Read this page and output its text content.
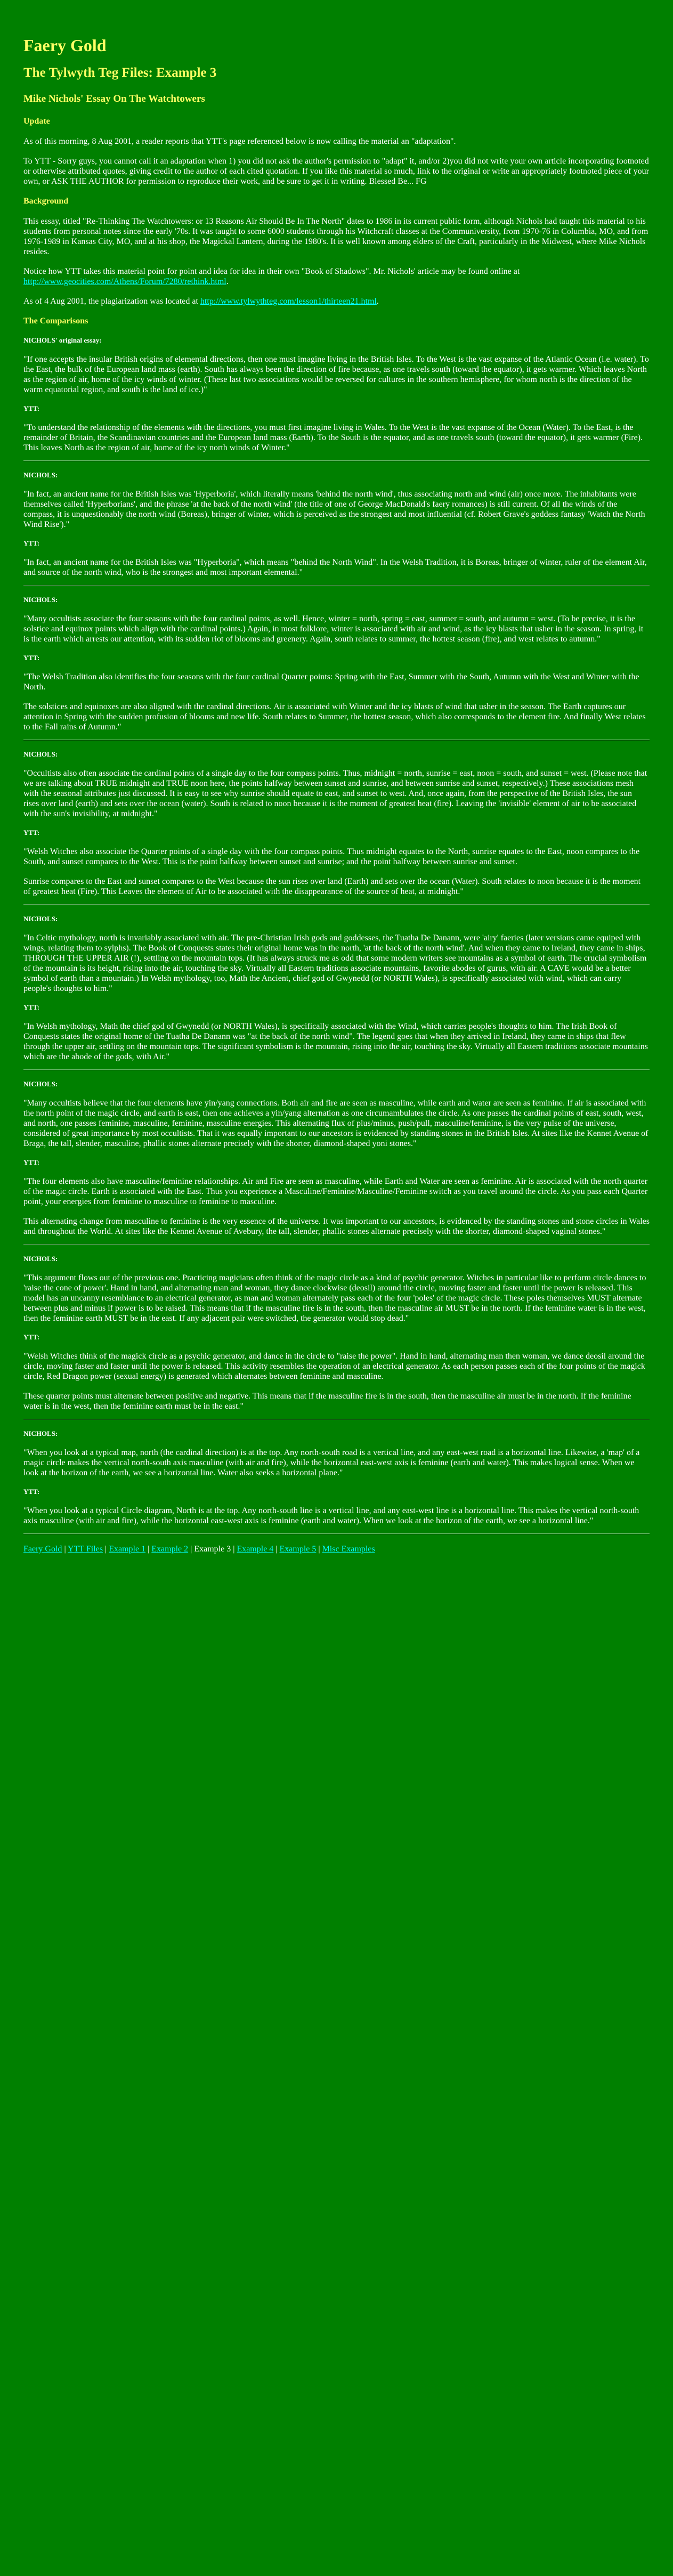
Faery Gold
The Tylwyth Teg Files: Example 3
Mike Nichols' Essay On The Watchtowers
Update

As of this morning, 8 Aug 2001, a reader reports that YTT's page referenced below is now calling the material an "adaptation".

To YTT - Sorry guys, you cannot call it an adaptation when 1) you did not ask the author's permission to "adapt" it, and/or 2)you did not write your own article incorporating footnoted or otherwise attributed quotes, giving credit to the author of each cited quotation. If you like this material so much, link to the original or write an appropriately footnoted piece of your own, or ASK THE AUTHOR for permission to reproduce their work, and be sure to get it in writing. Blessed Be... FG

Background

This essay, titled "Re-Thinking The Watchtowers: or 13 Reasons Air Should Be In The North" dates to 1986 in its current public form, although Nichols had taught this material to his students from personal notes since the early '70s. It was taught to some 6000 students through his Witchcraft classes at the Communiversity, from 1970-76 in Columbia, MO, and from 1976-1989 in Kansas City, MO, and at his shop, the Magickal Lantern, during the 1980's. It is well known among elders of the Craft, particularly in the Midwest, where Mike Nichols resides.

Notice how YTT takes this material point for point and idea for idea in their own "Book of Shadows". Mr. Nichols' article may be found online at http://www.geocities.com/Athens/Forum/7280/rethink.html.

As of 4 Aug 2001, the plagiarization was located at http://www.tylwythteg.com/lesson1/thirteen21.html.

The Comparisons
NICHOLS' original essay:

"If one accepts the insular British origins of elemental directions, then one must imagine living in the British Isles. To the West is the vast expanse of the Atlantic Ocean (i.e. water). To the East, the bulk of the European land mass (earth). South has always been the direction of fire because, as one travels south (toward the equator), it gets warmer. Which leaves North as the region of air, home of the icy winds of winter. (These last two associations would be reversed for cultures in the southern hemisphere, for whom north is the direction of the warm equatorial region, and south is the land of ice.)"

YTT:

"To understand the relationship of the elements with the directions, you must first imagine living in Wales. To the West is the vast expanse of the Ocean (Water). To the East, is the remainder of Britain, the Scandinavian countries and the European land mass (Earth). To the South is the equator, and as one travels south (toward the equator), it gets warmer (Fire). This leaves North as the region of air, home of the icy north winds of Winter."

NICHOLS:

"In fact, an ancient name for the British Isles was 'Hyperboria', which literally means 'behind the north wind', thus associating north and wind (air) once more. The inhabitants were themselves called 'Hyperborians', and the phrase 'at the back of the north wind' (the title of one of George MacDonald's faery romances) is still current. Of all the winds of the compass, it is unquestionably the north wind (Boreas), bringer of winter, which is perceived as the strongest and most influential (cf. Robert Grave's goddess fantasy 'Watch the North Wind Rise')."

YTT:

"In fact, an ancient name for the British Isles was "Hyperboria", which means "behind the North Wind". In the Welsh Tradition, it is Boreas, bringer of winter, ruler of the element Air, and source of the north wind, who is the strongest and most important elemental."

NICHOLS:

"Many occultists associate the four seasons with the four cardinal points, as well. Hence, winter = north, spring = east, summer = south, and autumn = west. (To be precise, it is the solstice and equinox points which align with the cardinal points.) Again, in most folklore, winter is associated with air and wind, as the icy blasts that usher in the season. In spring, it is the earth which arrests our attention, with its sudden riot of blooms and greenery. Again, south relates to summer, the hottest season (fire), and west relates to autumn."

YTT:

"The Welsh Tradition also identifies the four seasons with the four cardinal Quarter points: Spring with the East, Summer with the South, Autumn with the West and Winter with the North.

The solstices and equinoxes are also aligned with the cardinal directions. Air is associated with Winter and the icy blasts of wind that usher in the season. The Earth captures our attention in Spring with the sudden profusion of blooms and new life. South relates to Summer, the hottest season, which also corresponds to the element fire. And finally West relates to the Fall rains of Autumn."

NICHOLS:

"Occultists also often associate the cardinal points of a single day to the four compass points. Thus, midnight = north, sunrise = east, noon = south, and sunset = west. (Please note that we are talking about TRUE midnight and TRUE noon here, the points halfway between sunset and sunrise, and between sunrise and sunset, respectively.) These associations mesh with the seasonal attributes just discussed. It is easy to see why sunrise should equate to east, and sunset to west. And, once again, from the perspective of the British Isles, the sun rises over land (earth) and sets over the ocean (water). South is related to noon because it is the moment of greatest heat (fire). Leaving the 'invisible' element of air to be associated with the sun's invisibility, at midnight."

YTT:

"Welsh Witches also associate the Quarter points of a single day with the four compass points. Thus midnight equates to the North, sunrise equates to the East, noon compares to the South, and sunset compares to the West. This is the point halfway between sunset and sunrise; and the point halfway between sunrise and sunset.

Sunrise compares to the East and sunset compares to the West because the sun rises over land (Earth) and sets over the ocean (Water). South relates to noon because it is the moment of greatest heat (Fire). This Leaves the element of Air to be associated with the disappearance of the source of heat, at midnight."

NICHOLS:

"In Celtic mythology, north is invariably associated with air. The pre-Christian Irish gods and goddesses, the Tuatha De Danann, were 'airy' faeries (later versions came equiped with wings, relating them to sylphs). The Book of Conquests states their original home was in the north, 'at the back of the north wind'. And when they came to Ireland, they came in ships, THROUGH THE UPPER AIR (!), settling on the mountain tops. (It has always struck me as odd that some modern writers see mountains as a symbol of earth. The crucial symbolism of the mountain is its height, rising into the air, touching the sky. Virtually all Eastern traditions associate mountains, favorite abodes of gurus, with air. A CAVE would be a better symbol of earth than a mountain.) In Welsh mythology, too, Math the Ancient, chief god of Gwynedd (or NORTH Wales), is specifically associated with wind, which can carry people's thoughts to him."

YTT:

"In Welsh mythology, Math the chief god of Gwynedd (or NORTH Wales), is specifically associated with the Wind, which carries people's thoughts to him. The Irish Book of Conquests states the original home of the Tuatha De Danann was "at the back of the north wind". The legend goes that when they arrived in Ireland, they came in ships that flew through the upper air, settling on the mountain tops. The significant symbolism is the mountain, rising into the air, touching the sky. Virtually all Eastern traditions associate mountains which are the abode of the gods, with Air."

NICHOLS:

"Many occultists believe that the four elements have yin/yang connections. Both air and fire are seen as masculine, while earth and water are seen as feminine. If air is associated with the north point of the magic circle, and earth is east, then one achieves a yin/yang alternation as one circumambulates the circle. As one passes the cardinal points of east, south, west, and north, one passes feminine, masculine, feminine, masculine energies. This alternating flux of plus/minus, push/pull, masculine/feminine, is the very pulse of the universe, considered of great importance by most occultists. That it was equally important to our ancestors is evidenced by standing stones in the British Isles. At sites like the Kennet Avenue of Braga, the tall, slender, masculine, phallic stones alternate precisely with the shorter, diamond-shaped yoni stones."

YTT:

"The four elements also have masculine/feminine relationships. Air and Fire are seen as masculine, while Earth and Water are seen as feminine. Air is associated with the north quarter of the magic circle. Earth is associated with the East. Thus you experience a Masculine/Feminine/Masculine/Feminine switch as you travel around the circle. As you pass each Quarter point, your energies from feminine to masculine to feminine to masculine.

This alternating change from masculine to feminine is the very essence of the universe. It was important to our ancestors, is evidenced by the standing stones and stone circles in Wales and throughout the World. At sites like the Kennet Avenue of Avebury, the tall, slender, phallic stones alternate precisely with the shorter, diamond-shaped vaginal stones."

NICHOLS:

"This argument flows out of the previous one. Practicing magicians often think of the magic circle as a kind of psychic generator. Witches in particular like to perform circle dances to 'raise the cone of power'. Hand in hand, and alternating man and woman, they dance clockwise (deosil) around the circle, moving faster and faster until the power is released. This model has an uncanny resemblance to an electrical generator, as man and woman alternately pass each of the four 'poles' of the magic circle. These poles themselves MUST alternate between plus and minus if power is to be raised. This means that if the masculine fire is in the south, then the masculine air MUST be in the north. If the feminine water is in the west, then the feminine earth MUST be in the east. If any adjacent pair were switched, the generator would stop dead."

YTT:

"Welsh Witches think of the magick circle as a psychic generator, and dance in the circle to "raise the power". Hand in hand, alternating man then woman, we dance deosil around the circle, moving faster and faster until the power is released. This activity resembles the operation of an electrical generator. As each person passes each of the four points of the magick circle, Red Dragon power (sexual energy) is generated which alternates between feminine and masculine.

These quarter points must alternate between positive and negative. This means that if the masculine fire is in the south, then the masculine air must be in the north. If the feminine water is in the west, then the feminine earth must be in the east."

NICHOLS:

"When you look at a typical map, north (the cardinal direction) is at the top. Any north-south road is a vertical line, and any east-west road is a horizontal line. Likewise, a 'map' of a magic circle makes the vertical north-south axis masculine (with air and fire), while the horizontal east-west axis is feminine (earth and water). This makes logical sense. When we look at the horizon of the earth, we see a horizontal line. Water also seeks a horizontal plane."

YTT:

"When you look at a typical Circle diagram, North is at the top. Any north-south line is a vertical line, and any east-west line is a horizontal line. This makes the vertical north-south axis masculine (with air and fire), while the horizontal east-west axis is feminine (earth and water). When we look at the horizon of the earth, we see a horizontal line."

Faery Gold | YTT Files | Example 1 | Example 2 | Example 3 | Example 4 | Example 5 | Misc Examples
